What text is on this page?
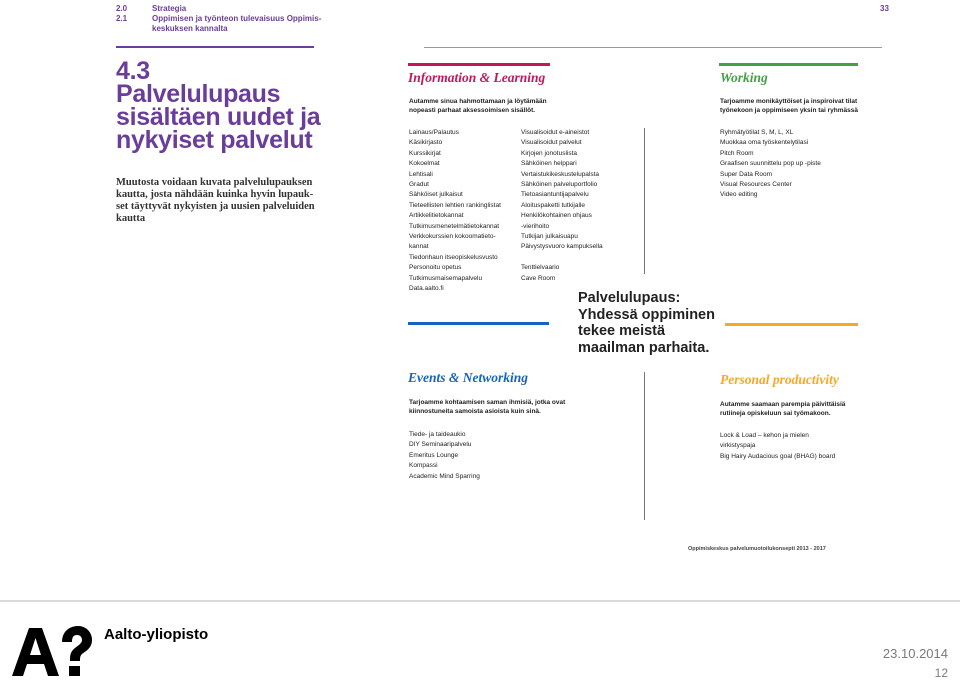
2.0
2.1
Strategia
Oppimisen ja työnteon tulevaisuus Oppimis-
keskuksen kannalta
33
4.3
Palvelulupaus
sisältäen uudet ja
nykyiset palvelut
Muutosta voidaan kuvata palvelulupauksen
kautta, josta nähdään kuinka hyvin lupauk-
set täyttyvät nykyisten ja uusien palveluiden
kautta
Information & Learning
Autamme sinua hahmottamaan ja löytämään
nopeasti parhaat aksessoimisen sisällöt.
Lainaus/Palautus
Käsikirjasto
Kurssikirjat
Kokoelmat
Lehtisali
Gradut
Sähköiset julkaisut
Tieteellisten lehtien rankinglistat
Artikkelitietokannat
Tutkimusmenetelmätietokannat
Verkkokurssien kokoomatieto-
kannat
Tiedonhaun itseopiskelusvusto
Personoitu opetus
Tutkimusmaisemapalvelu
Data.aalto.fi
Visualisoidut e-aineistot
Visualisoidut palvelut
Kirjojen jonotuslista
Sähköinen helppari
Vertaistukikeskustelupalsta
Sähköinen palveluportfolio
Tietoasiantuntijapalvelu
Aloituspaketti tutkijalle
Henkilökohtainen ohjaus
-vierihoito
Tutkijan julkaisuapu
Päivystysvuoro kampuksella

Tenttielvaario
Cave Room
Working
Tarjoamme monikäyttöiset ja inspiroivat tilat
työnekoon ja oppimiseen yksin tai ryhmässä
Ryhmätyötilat S, M, L, XL
Muokkaa oma työskentelytilasi
Pitch Room
Graafisen suunnittelu pop up -piste
Super Data Room
Visual Resources Center
Video editing
Palvelulupaus:
Yhdessä oppiminen
tekee meistä
maailman parhaita.
Events & Networking
Tarjoamme kohtaamisen saman ihmisiä, jotka ovat
kiinnostuneita samoista asioista kuin sinä.
Tiede- ja taideaukio
DIY Seminaaripalvelu
Emeritus Lounge
Kompassi
Academic Mind Sparring
Personal productivity
Autamme saamaan parempia päivittäisiä
rutiineja opiskeluun sai työmakoon.
Lock & Load – kehon ja mielen
virkistyspaja
Big Hairy Audacious goal (BHAG) board
Oppimiskeskus palvelumuotoilukonsepti 2013 - 2017
Aalto-yliopisto
23.10.2014
12
